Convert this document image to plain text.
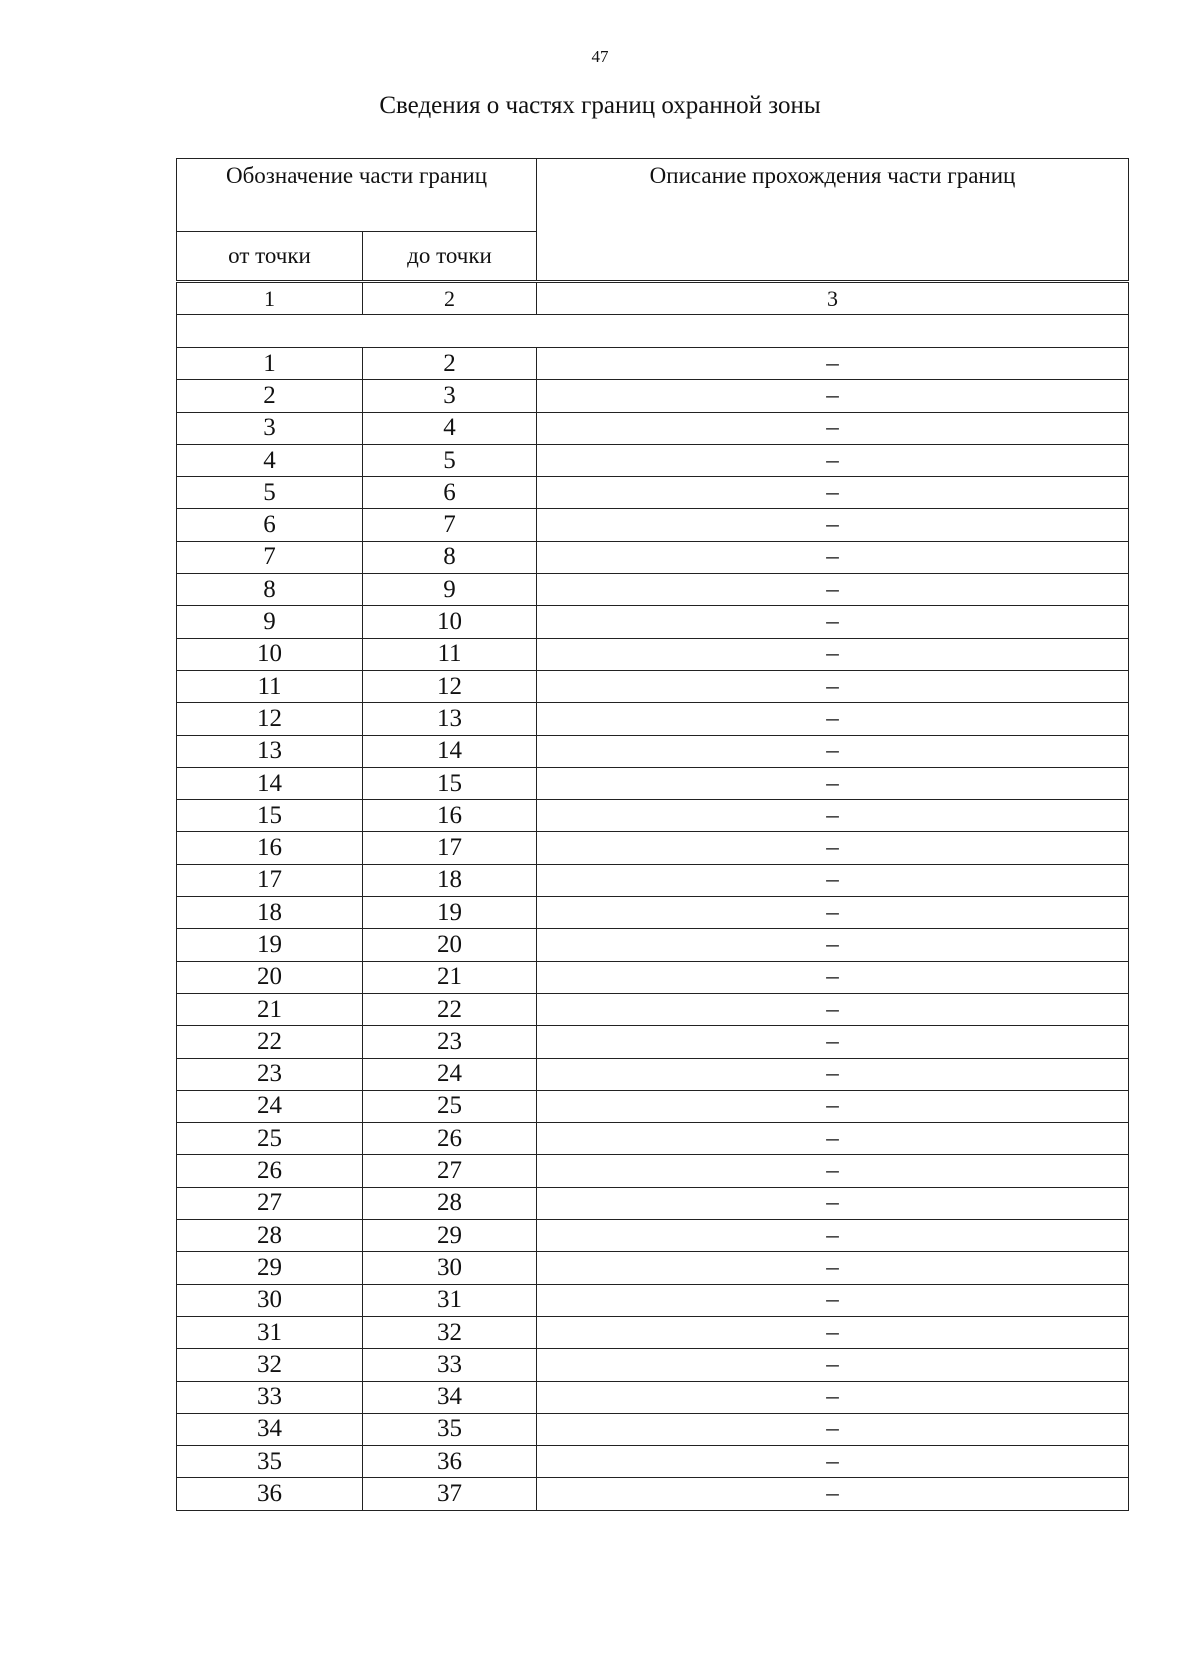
47
Сведения о частях границ охранной зоны
Обозначение части границ		Описание прохождения части границ
от точки	до точки	
1	2	3

1	2	–
2	3	–
3	4	–
4	5	–
5	6	–
6	7	–
7	8	–
8	9	–
9	10	–
10	11	–
11	12	–
12	13	–
13	14	–
14	15	–
15	16	–
16	17	–
17	18	–
18	19	–
19	20	–
20	21	–
21	22	–
22	23	–
23	24	–
24	25	–
25	26	–
26	27	–
27	28	–
28	29	–
29	30	–
30	31	–
31	32	–
32	33	–
33	34	–
34	35	–
35	36	–
36	37	–
